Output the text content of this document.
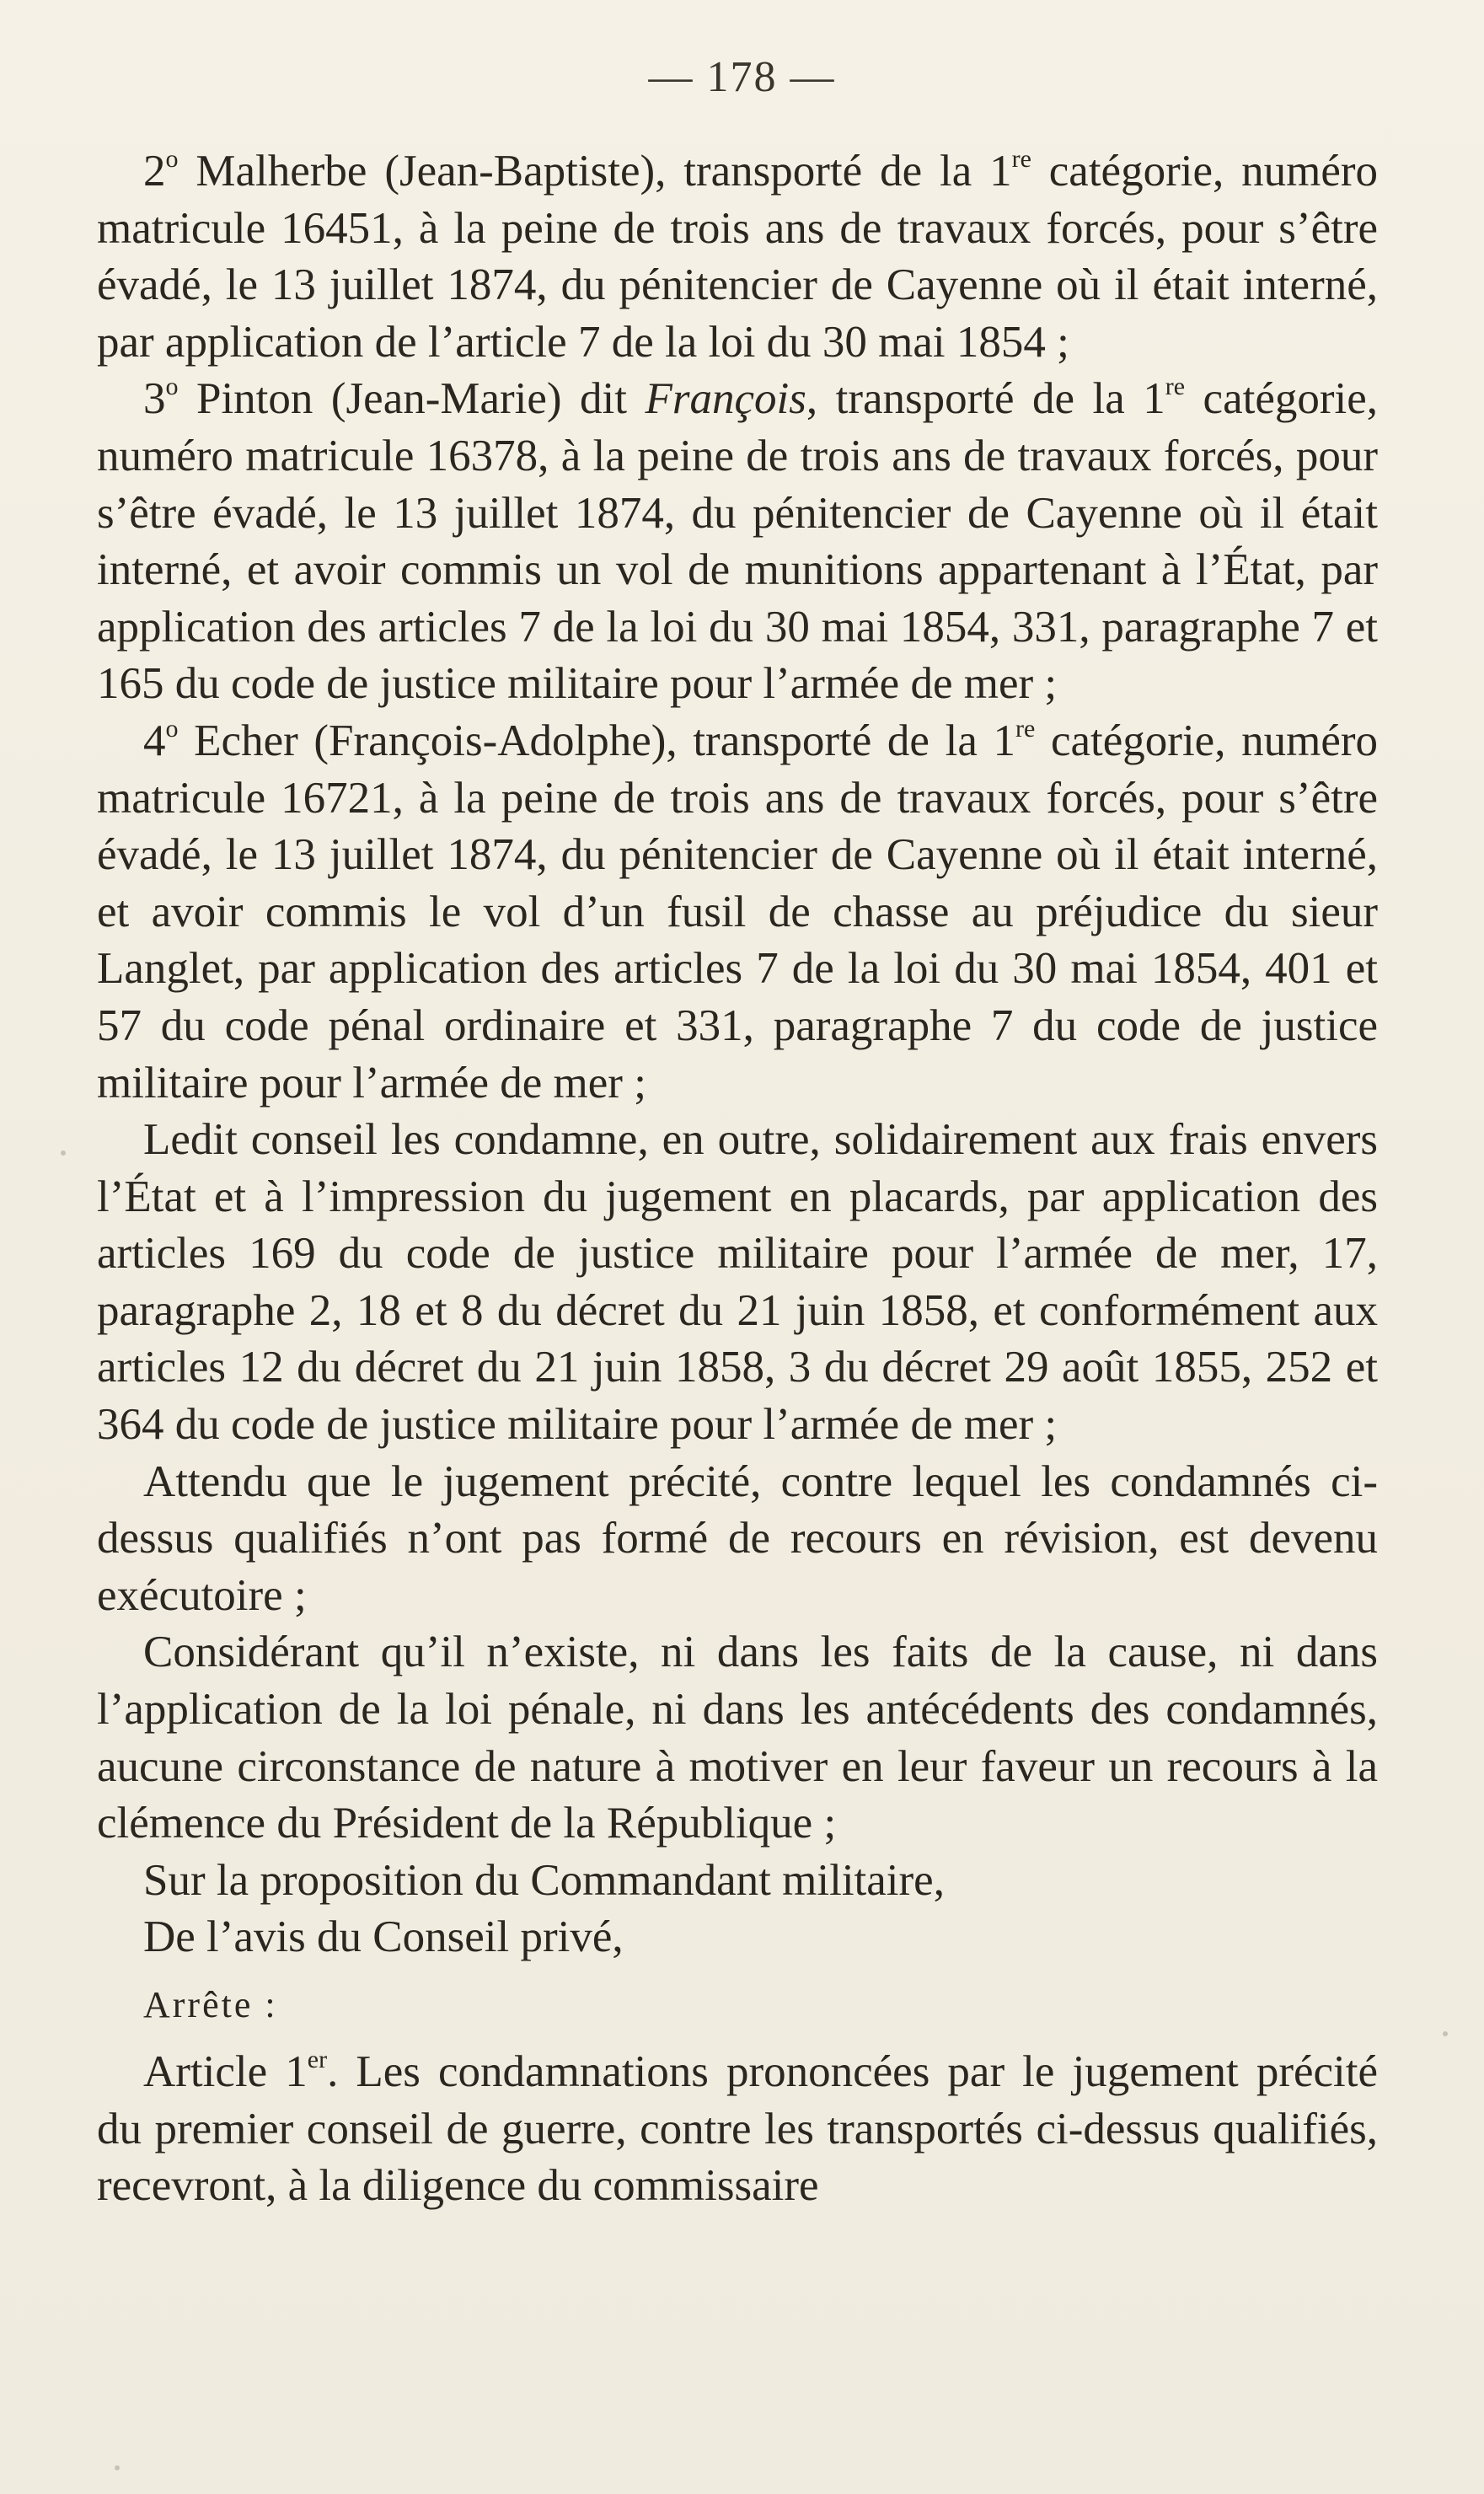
— 178 —

2$^o$ Malherbe (Jean-Baptiste), transporté de la 1re catégorie, numéro matricule 16451, à la peine de trois ans de travaux forcés, pour s’être évadé, le 13 juillet 1874, du pénitencier de Cayenne où il était interné, par application de l’article 7 de la loi du 30 mai 1854 ;

3$^o$ Pinton (Jean-Marie) dit François, transporté de la 1re catégorie, numéro matricule 16378, à la peine de trois ans de travaux forcés, pour s’être évadé, le 13 juillet 1874, du pénitencier de Cayenne où il était interné, et avoir commis un vol de munitions appartenant à l’État, par application des articles 7 de la loi du 30 mai 1854, 331, paragraphe 7 et 165 du code de justice militaire pour l’armée de mer ;

4$^o$ Echer (François-Adolphe), transporté de la 1re catégorie, numéro matricule 16721, à la peine de trois ans de travaux forcés, pour s’être évadé, le 13 juillet 1874, du pénitencier de Cayenne où il était interné, et avoir commis le vol d’un fusil de chasse au préjudice du sieur Langlet, par application des articles 7 de la loi du 30 mai 1854, 401 et 57 du code pénal ordinaire et 331, paragraphe 7 du code de justice militaire pour l’armée de mer ;

Ledit conseil les condamne, en outre, solidairement aux frais envers l’État et à l’impression du jugement en placards, par application des articles 169 du code de justice militaire pour l’armée de mer, 17, paragraphe 2, 18 et 8 du décret du 21 juin 1858, et conformément aux articles 12 du décret du 21 juin 1858, 3 du décret 29 août 1855, 252 et 364 du code de justice militaire pour l’armée de mer ;

Attendu que le jugement précité, contre lequel les condamnés ci-dessus qualifiés n’ont pas formé de recours en révision, est devenu exécutoire ;

Considérant qu’il n’existe, ni dans les faits de la cause, ni dans l’application de la loi pénale, ni dans les antécédents des condamnés, aucune circonstance de nature à motiver en leur faveur un recours à la clémence du Président de la République ;

Sur la proposition du Commandant militaire,

De l’avis du Conseil privé,

Arrête :

Article 1er. Les condamnations prononcées par le jugement précité du premier conseil de guerre, contre les transportés ci-dessus qualifiés, recevront, à la diligence du commissaire
